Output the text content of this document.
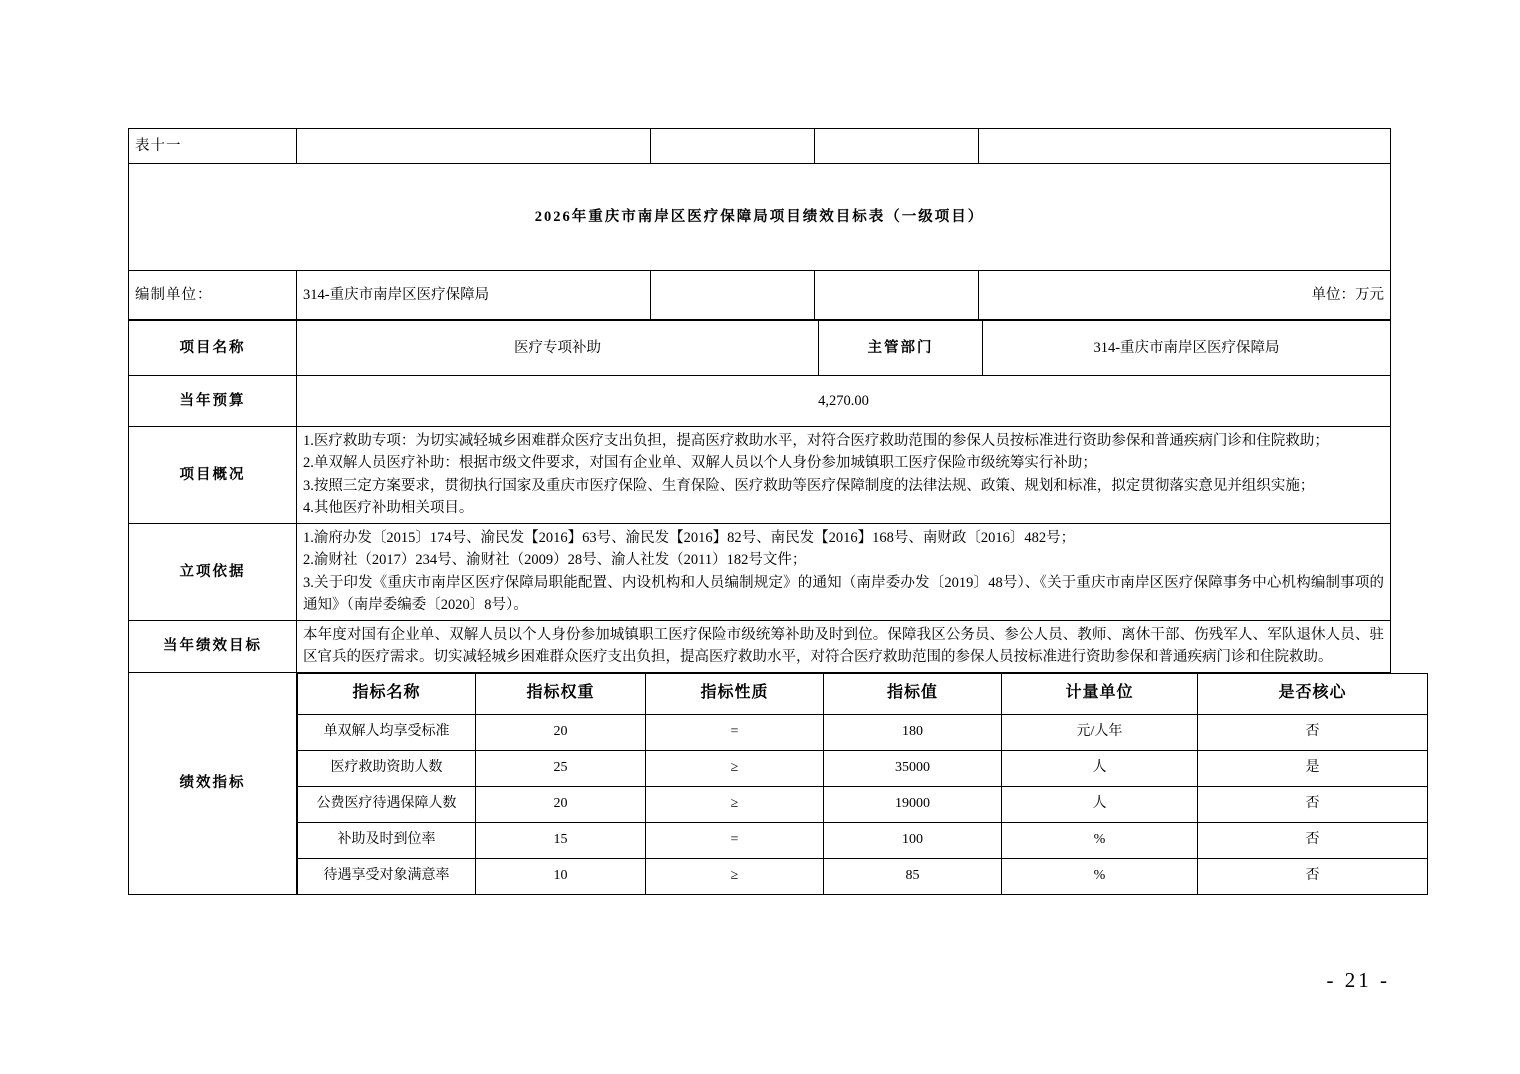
表十一				
2026年重庆市南岸区医疗保障局项目绩效目标表（一级项目）				
编制单位：	314-重庆市南岸区医疗保障局			单位：万元
项目名称	医疗专项补助	主管部门	314-重庆市南岸区医疗保障局
当年预算	4,270.00
项目概况	
1.医疗救助专项：为切实减轻城乡困难群众医疗支出负担，提高医疗救助水平，对符合医疗救助范围的参保人员按标准进行资助参保和普通疾病门诊和住院救助；
2.单双解人员医疗补助：根据市级文件要求，对国有企业单、双解人员以个人身份参加城镇职工医疗保险市级统筹实行补助；
3.按照三定方案要求，贯彻执行国家及重庆市医疗保险、生育保险、医疗救助等医疗保障制度的法律法规、政策、规划和标准，拟定贯彻落实意见并组织实施；
4.其他医疗补助相关项目。

立项依据	
1.渝府办发〔2015〕174号、渝民发【2016】63号、渝民发【2016】82号、南民发【2016】168号、南财政〔2016〕482号；
2.渝财社（2017）234号、渝财社（2009）28号、渝人社发（2011）182号文件；
3.关于印发《重庆市南岸区医疗保障局职能配置、内设机构和人员编制规定》的通知（南岸委办发〔2019〕48号）、《关于重庆市南岸区医疗保障事务中心机构编制事项的通知》（南岸委编委〔2020〕8号）。

当年绩效目标	
本年度对国有企业单、双解人员以个人身份参加城镇职工医疗保险市级统筹补助及时到位。保障我区公务员、参公人员、教师、离休干部、伤残军人、军队退休人员、驻区官兵的医疗需求。切实减轻城乡困难群众医疗支出负担，提高医疗救助水平，对符合医疗救助范围的参保人员按标准进行资助参保和普通疾病门诊和住院救助。

绩效指标	
指标名称	指标权重	指标性质	指标值	计量单位	是否核心
单双解人均享受标准	20	=	180	元/人年	否
医疗救助资助人数	25	≥	35000	人	是
公费医疗待遇保障人数	20	≥	19000	人	否
补助及时到位率	15	=	100	%	否
待遇享受对象满意率	10	≥	85	%	否
- 21 -
